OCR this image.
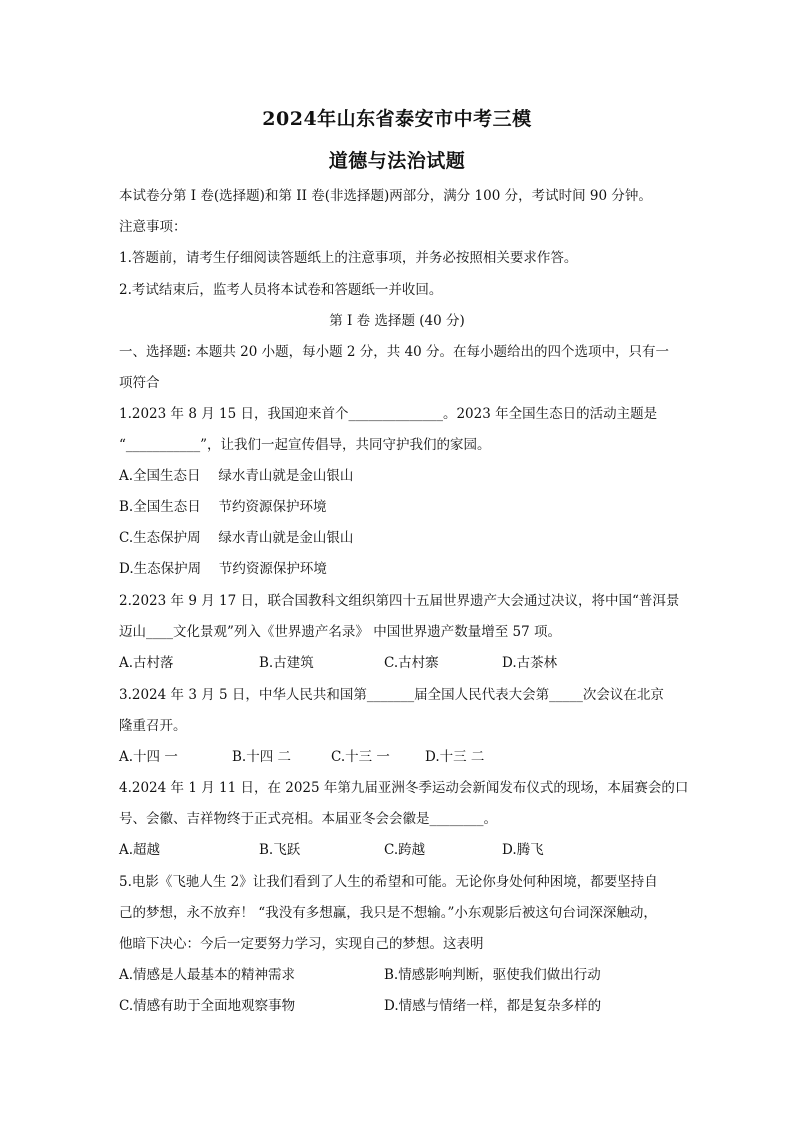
2024年山东省泰安市中考三模
道德与法治试题
本试卷分第 I 卷(选择题)和第 II 卷(非选择题)两部分，满分 100 分，考试时间 90 分钟。
注意事项：
1.答题前，请考生仔细阅读答题纸上的注意事项，并务必按照相关要求作答。
2.考试结束后，监考人员将本试卷和答题纸一并收回。
第 I 卷 选择题 (40 分)
一、选择题: 本题共 20 小题，每小题 2 分，共 40 分。在每小题给出的四个选项中，只有一
项符合
1.2023 年 8 月 15 日，我国迎来首个______________。2023 年全国生态日的活动主题是
“___________”，让我们一起宣传倡导，共同守护我们的家园。
A.全国生态日　 绿水青山就是金山银山
B.全国生态日　 节约资源保护环境
C.生态保护周　 绿水青山就是金山银山
D.生态保护周　 节约资源保护环境
2.2023 年 9 月 17 日，联合国教科文组织第四十五届世界遗产大会通过决议，将中国“普洱景
迈山____文化景观”列入《世界遗产名录》 中国世界遗产数量增至 57 项。
A.古村落	B.古建筑	C.古村寨	D.古茶林
3.2024 年 3 月 5 日，中华人民共和国第_______届全国人民代表大会第_____次会议在北京
隆重召开。
A.十四 一	B.十四 二	C.十三 一	D.十三 二
4.2024 年 1 月 11 日，在 2025 年第九届亚洲冬季运动会新闻发布仪式的现场，本届赛会的口
号、会徽、吉祥物终于正式亮相。本届亚冬会会徽是________。
A.超越	B.飞跃	C.跨越	D.腾飞
5.电影《飞驰人生 2》让我们看到了人生的希望和可能。无论你身处何种困境，都要坚持自
己的梦想，永不放弃！ “我没有多想赢，我只是不想输。”小东观影后被这句台词深深触动，
他暗下决心：今后一定要努力学习，实现自己的梦想。这表明
A.情感是人最基本的精神需求	B.情感影响判断，驱使我们做出行动
C.情感有助于全面地观察事物	D.情感与情绪一样，都是复杂多样的
